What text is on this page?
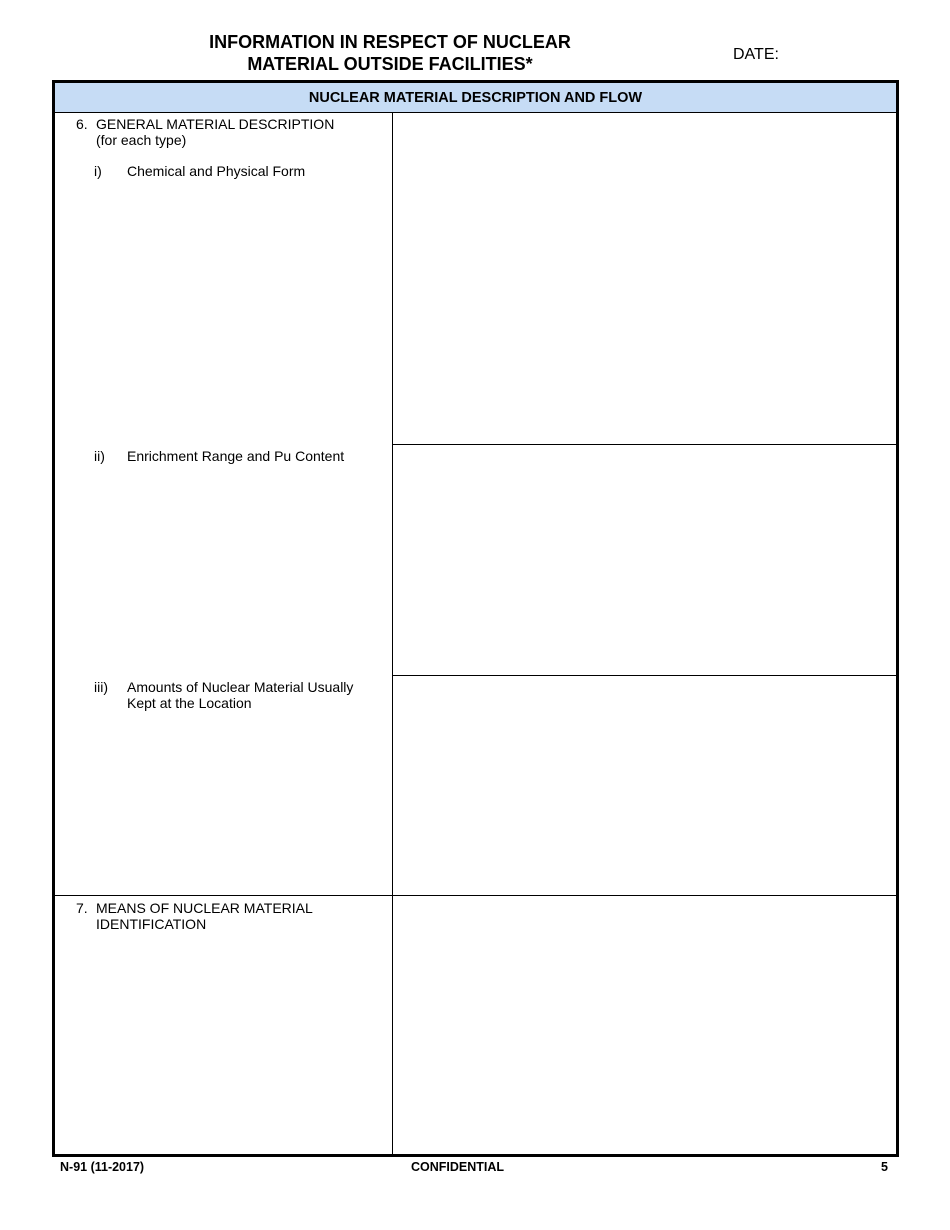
INFORMATION IN RESPECT OF NUCLEAR
MATERIAL OUTSIDE FACILITIES*	DATE:
NUCLEAR MATERIAL DESCRIPTION AND FLOW
6. GENERAL MATERIAL DESCRIPTION
(for each type)
i)	Chemical and Physical Form
ii)	Enrichment Range and Pu Content
iii)	Amounts of Nuclear Material Usually
Kept at the Location
7. MEANS OF NUCLEAR MATERIAL
IDENTIFICATION
N-91 (11-2017)	CONFIDENTIAL	5
